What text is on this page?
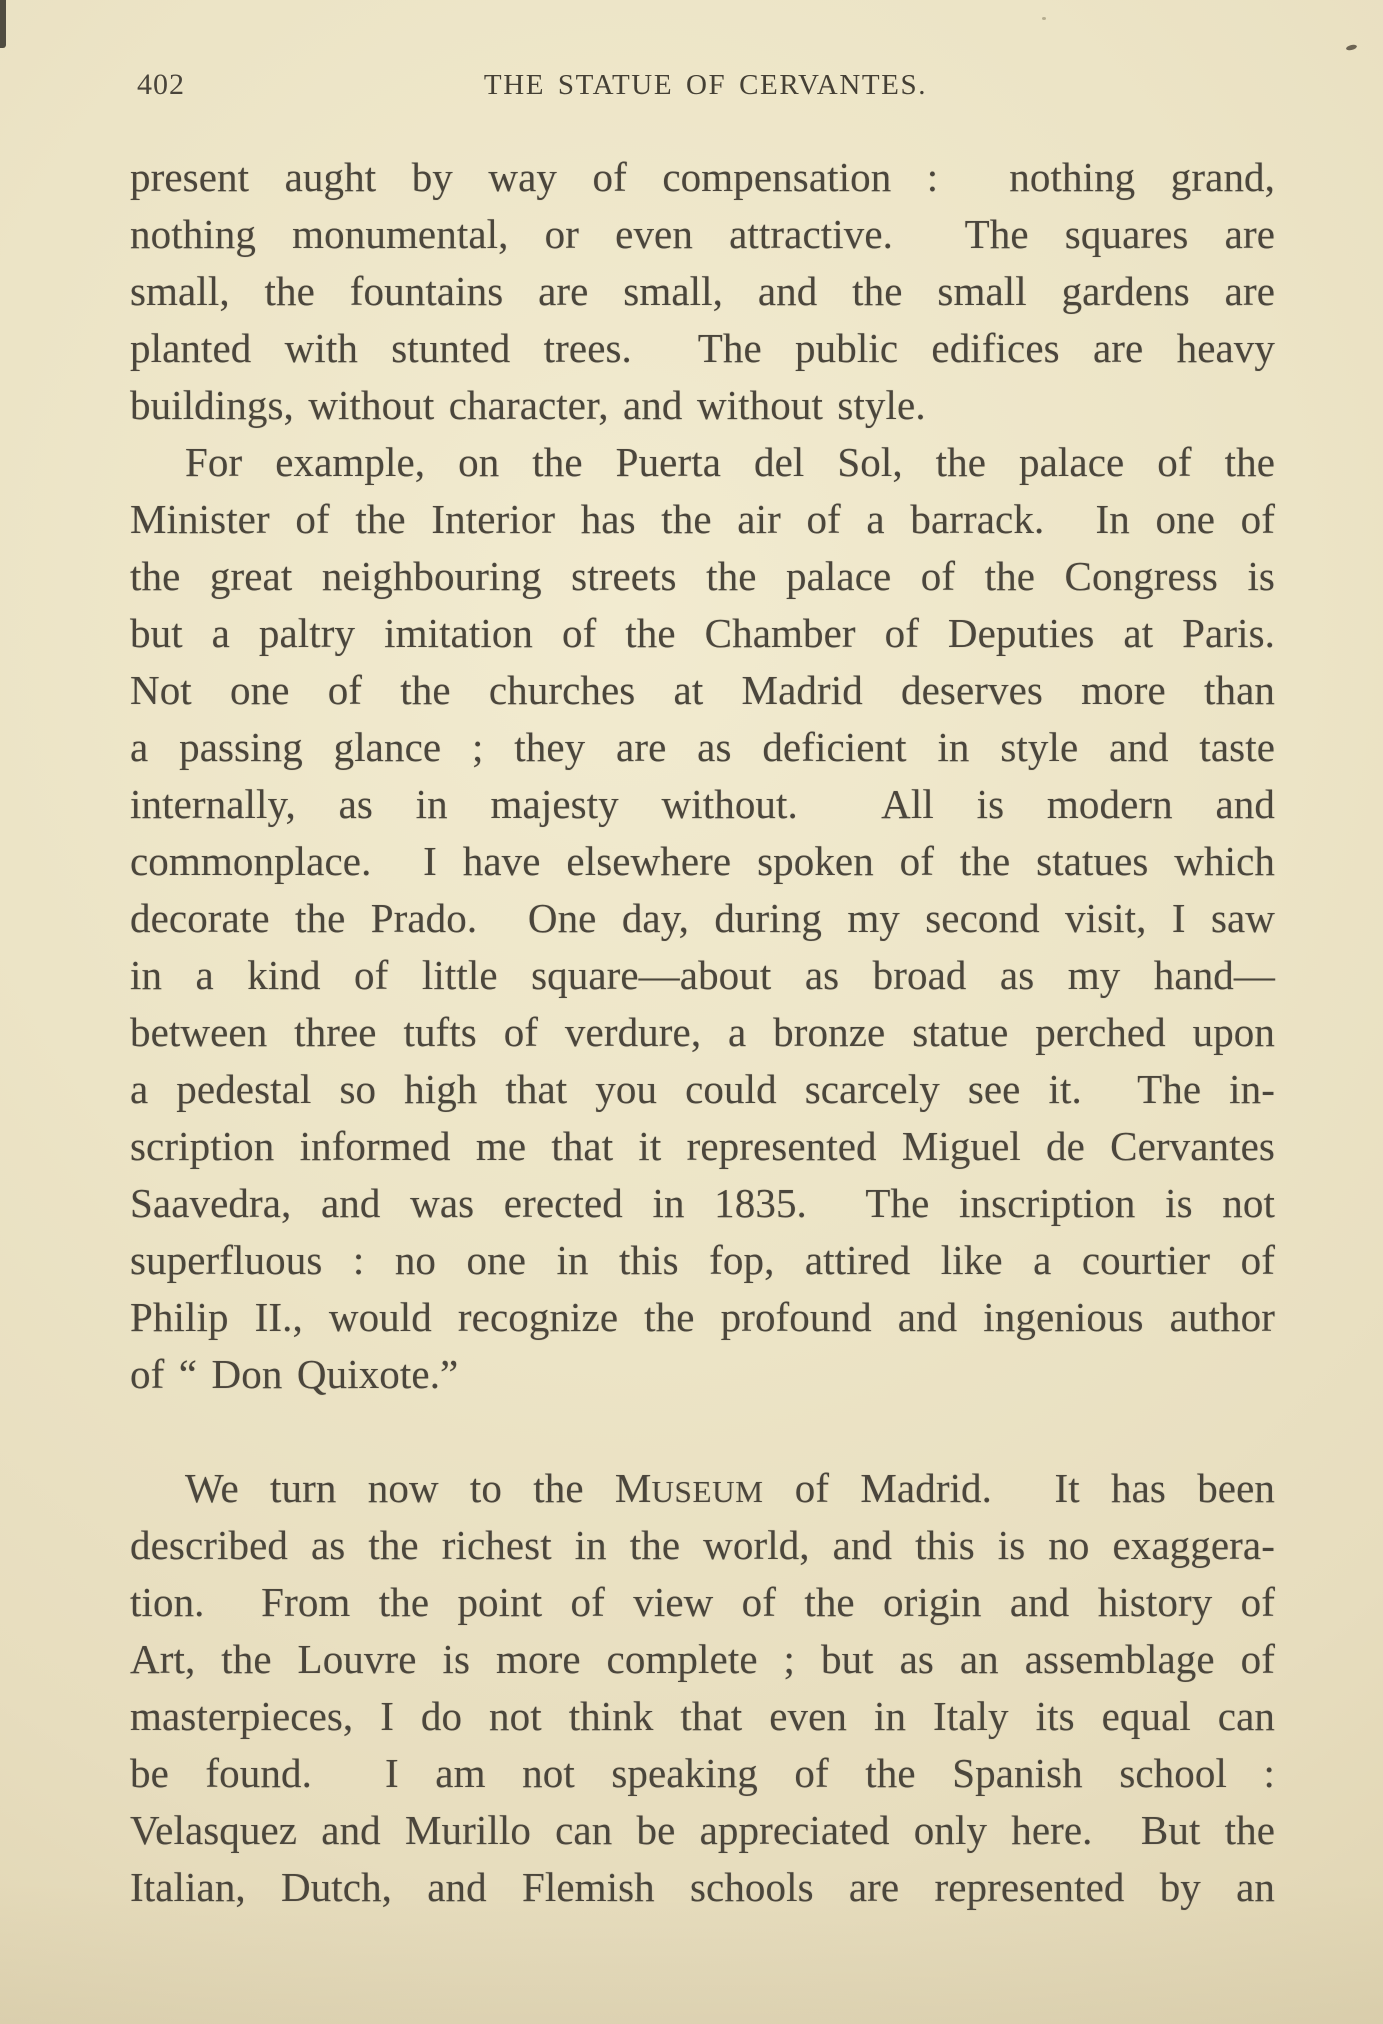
402	THE STATUE OF CERVANTES.
present aught by way of compensation :  nothing grand,
nothing monumental, or even attractive.  The squares are
small, the fountains are small, and the small gardens are
planted with stunted trees.  The public edifices are heavy
buildings, without character, and without style.
For example, on the Puerta del Sol, the palace of the
Minister of the Interior has the air of a barrack.  In one of
the great neighbouring streets the palace of the Congress is
but a paltry imitation of the Chamber of Deputies at Paris.
Not one of the churches at Madrid deserves more than
a passing glance ; they are as deficient in style and taste
internally, as in majesty without.  All is modern and
commonplace.  I have elsewhere spoken of the statues which
decorate the Prado.  One day, during my second visit, I saw
in a kind of little square—about as broad as my hand—
between three tufts of verdure, a bronze statue perched upon
a pedestal so high that you could scarcely see it.  The in-
scription informed me that it represented Miguel de Cervantes
Saavedra, and was erected in 1835.  The inscription is not
superfluous : no one in this fop, attired like a courtier of
Philip II., would recognize the profound and ingenious author
of “ Don Quixote.”
We turn now to the MUSEUM of Madrid.  It has been
described as the richest in the world, and this is no exaggera-
tion.  From the point of view of the origin and history of
Art, the Louvre is more complete ; but as an assemblage of
masterpieces, I do not think that even in Italy its equal can
be found.  I am not speaking of the Spanish school :
Velasquez and Murillo can be appreciated only here.  But the
Italian, Dutch, and Flemish schools are represented by an
